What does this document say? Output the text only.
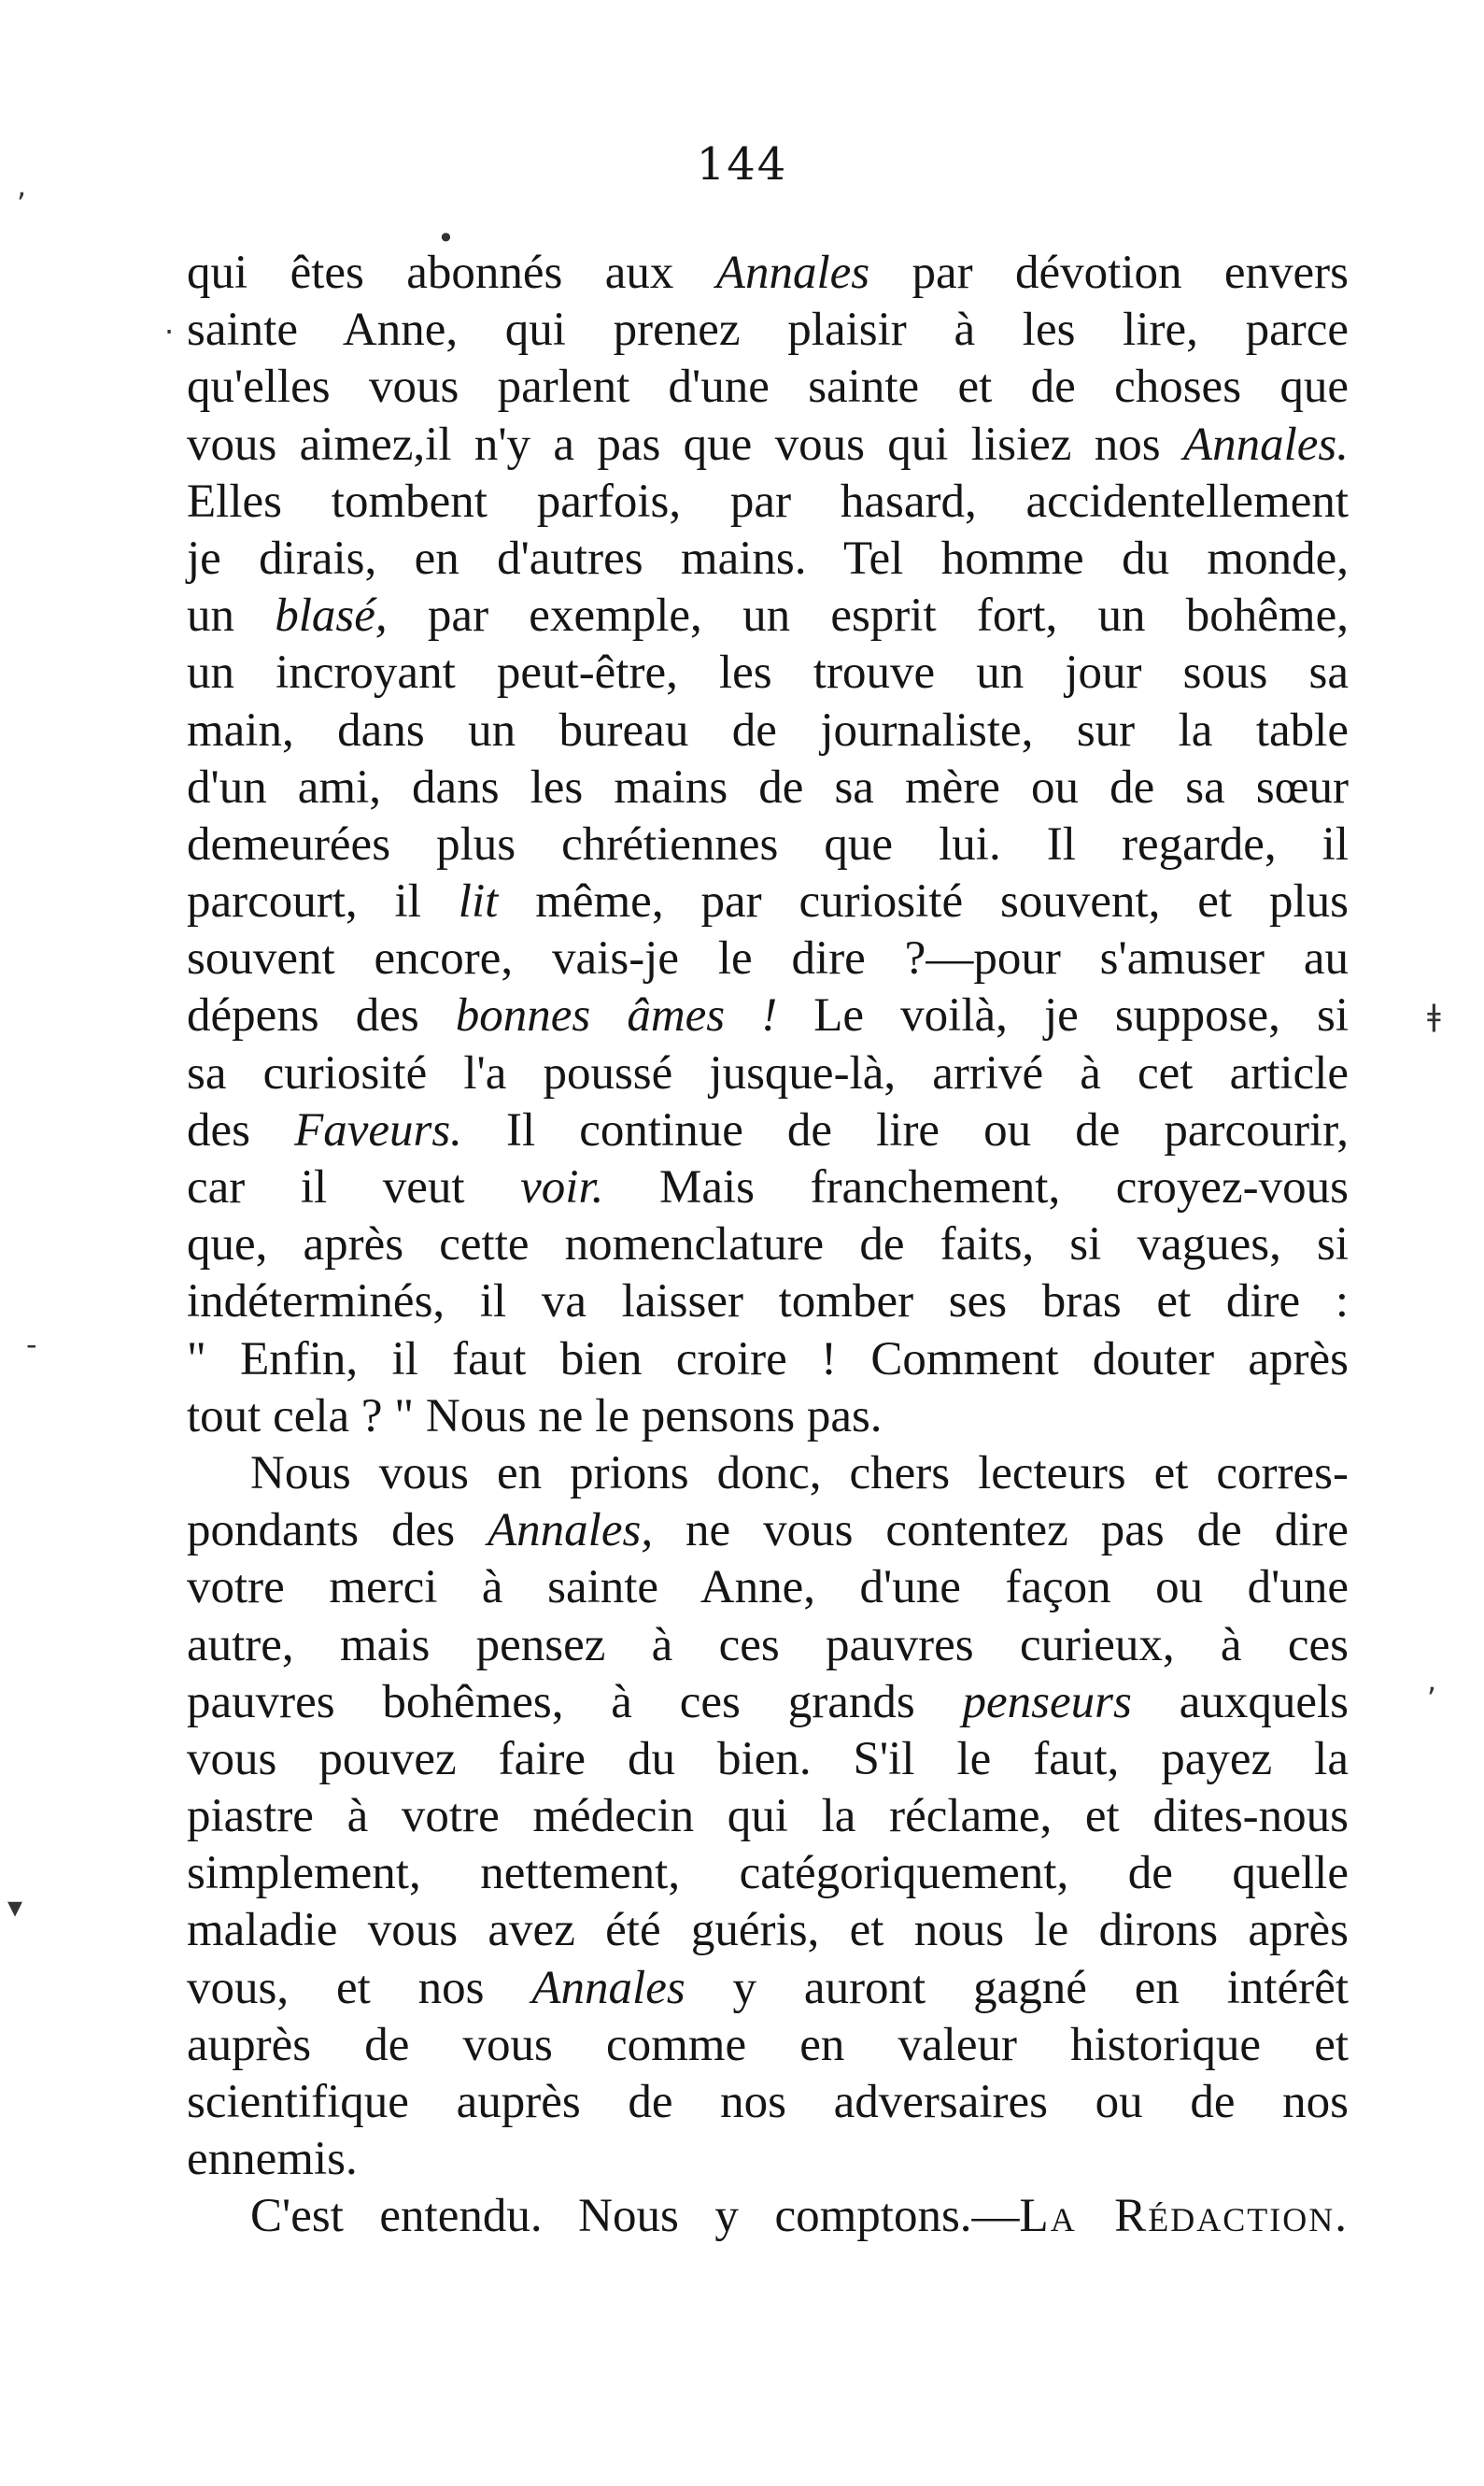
144
•
,
·
-
ǂ
,
▾
qui êtes abonnés aux Annales par dévotion envers
sainte Anne, qui prenez plaisir à les lire, parce
qu'elles vous parlent d'une sainte et de choses que
vous aimez,il n'y a pas que vous qui lisiez nos Annales.
Elles tombent parfois, par hasard, accidentellement
je dirais, en d'autres mains. Tel homme du monde,
un blasé, par exemple, un esprit fort, un bohême,
un incroyant peut-être, les trouve un jour sous sa
main, dans un bureau de journaliste, sur la table
d'un ami, dans les mains de sa mère ou de sa sœur
demeurées plus chrétiennes que lui. Il regarde, il
parcourt, il lit même, par curiosité souvent, et plus
souvent encore, vais-je le dire ?—pour s'amuser au
dépens des bonnes âmes ! Le voilà, je suppose, si
sa curiosité l'a poussé jusque-là, arrivé à cet article
des Faveurs. Il continue de lire ou de parcourir,
car il veut voir. Mais franchement, croyez-vous
que, après cette nomenclature de faits, si vagues, si
indéterminés, il va laisser tomber ses bras et dire :
" Enfin, il faut bien croire ! Comment douter après
tout cela ? " Nous ne le pensons pas.
Nous vous en prions donc, chers lecteurs et corres-
pondants des Annales, ne vous contentez pas de dire
votre merci à sainte Anne, d'une façon ou d'une
autre, mais pensez à ces pauvres curieux, à ces
pauvres bohêmes, à ces grands penseurs auxquels
vous pouvez faire du bien. S'il le faut, payez la
piastre à votre médecin qui la réclame, et dites-nous
simplement, nettement, catégoriquement, de quelle
maladie vous avez été guéris, et nous le dirons après
vous, et nos Annales y auront gagné en intérêt
auprès de vous comme en valeur historique et
scientifique auprès de nos adversaires ou de nos
ennemis.
C'est entendu. Nous y comptons.—La Rédaction.
